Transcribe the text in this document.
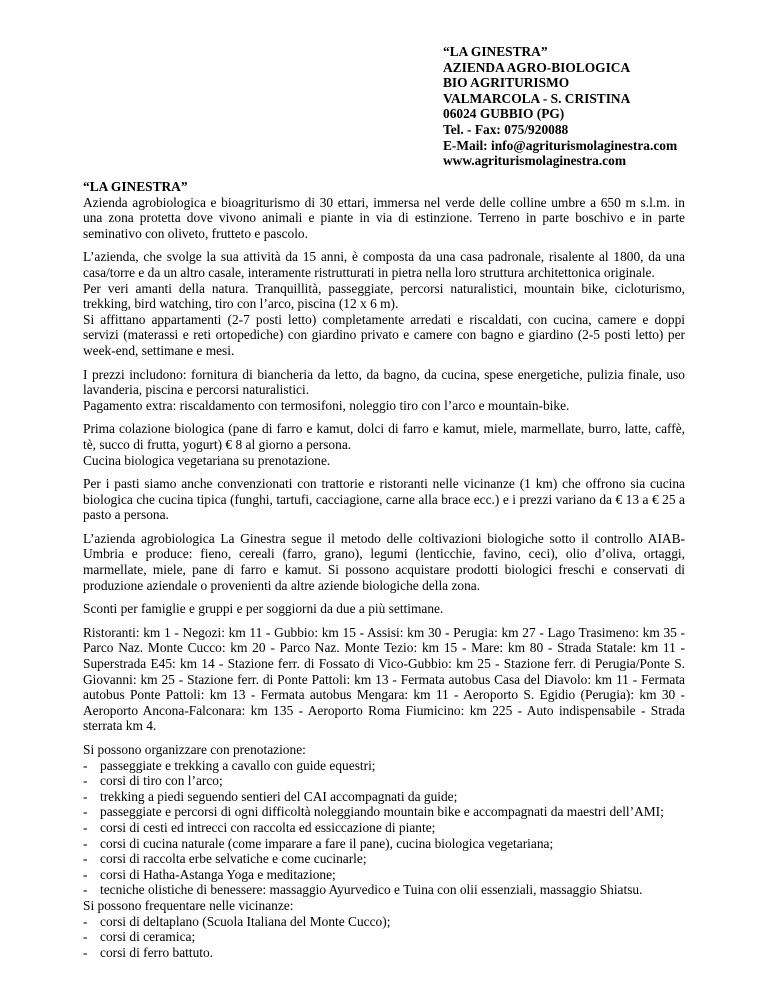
“LA GINESTRA”
AZIENDA AGRO-BIOLOGICA
BIO AGRITURISMO
VALMARCOLA - S. CRISTINA
06024 GUBBIO (PG)
Tel. - Fax: 075/920088
E-Mail: info@agriturismolaginestra.com
www.agriturismolaginestra.com
“LA GINESTRA”

Azienda agrobiologica e bioagriturismo di 30 ettari, immersa nel verde delle colline umbre a 650 m s.l.m. in una zona protetta dove vivono animali e piante in via di estinzione. Terreno in parte boschivo e in parte seminativo con oliveto, frutteto e pascolo.

L’azienda, che svolge la sua attività da 15 anni, è composta da una casa padronale, risalente al 1800, da una casa/torre e da un altro casale, interamente ristrutturati in pietra nella loro struttura architettonica originale.

Per veri amanti della natura. Tranquillità, passeggiate, percorsi naturalistici, mountain bike, cicloturismo, trekking, bird watching, tiro con l’arco, piscina (12 x 6 m).

Si affittano appartamenti (2-7 posti letto) completamente arredati e riscaldati, con cucina, camere e doppi servizi (materassi e reti ortopediche) con giardino privato e camere con bagno e giardino (2-5 posti letto) per week-end, settimane e mesi.

I prezzi includono: fornitura di biancheria da letto, da bagno, da cucina, spese energetiche, pulizia finale, uso lavanderia, piscina e percorsi naturalistici.

Pagamento extra: riscaldamento con termosifoni, noleggio tiro con l’arco e mountain-bike.

Prima colazione biologica (pane di farro e kamut, dolci di farro e kamut, miele, marmellate, burro, latte, caffè, tè, succo di frutta, yogurt) € 8 al giorno a persona.

Cucina biologica vegetariana su prenotazione.

Per i pasti siamo anche convenzionati con trattorie e ristoranti nelle vicinanze (1 km) che offrono sia cucina biologica che cucina tipica (funghi, tartufi, cacciagione, carne alla brace ecc.) e i prezzi variano da € 13 a € 25 a pasto a persona.

L’azienda agrobiologica La Ginestra segue il metodo delle coltivazioni biologiche sotto il controllo AIAB-Umbria e produce: fieno, cereali (farro, grano), legumi (lenticchie, favino, ceci), olio d’oliva, ortaggi, marmellate, miele, pane di farro e kamut. Si possono acquistare prodotti biologici freschi e conservati di produzione aziendale o provenienti da altre aziende biologiche della zona.

Sconti per famiglie e gruppi e per soggiorni da due a più settimane.

Ristoranti: km 1 - Negozi: km 11 - Gubbio: km 15 - Assisi: km 30 - Perugia: km 27 - Lago Trasimeno: km 35 - Parco Naz. Monte Cucco: km 20 - Parco Naz. Monte Tezio: km 15 - Mare: km 80 - Strada Statale: km 11 - Superstrada E45: km 14 - Stazione ferr. di Fossato di Vico-Gubbio: km 25 - Stazione ferr. di Perugia/Ponte S. Giovanni: km 25 - Stazione ferr. di Ponte Pattoli: km 13 - Fermata autobus Casa del Diavolo: km 11 - Fermata autobus Ponte Pattoli: km 13 - Fermata autobus Mengara: km 11 - Aeroporto S. Egidio (Perugia): km 30 - Aeroporto Ancona-Falconara: km 135 - Aeroporto Roma Fiumicino: km 225 - Auto indispensabile - Strada sterrata km 4.

Si possono organizzare con prenotazione:
- passeggiate e trekking a cavallo con guide equestri;
- corsi di tiro con l’arco;
- trekking a piedi seguendo sentieri del CAI accompagnati da guide;
- passeggiate e percorsi di ogni difficoltà noleggiando mountain bike e accompagnati da maestri dell’AMI;
- corsi di cesti ed intrecci con raccolta ed essiccazione di piante;
- corsi di cucina naturale (come imparare a fare il pane), cucina biologica vegetariana;
- corsi di raccolta erbe selvatiche e come cucinarle;
- corsi di Hatha-Astanga Yoga e meditazione;
- tecniche olistiche di benessere: massaggio Ayurvedico e Tuina con olii essenziali, massaggio Shiatsu.
Si possono frequentare nelle vicinanze:
- corsi di deltaplano (Scuola Italiana del Monte Cucco);
- corsi di ceramica;
- corsi di ferro battuto.
